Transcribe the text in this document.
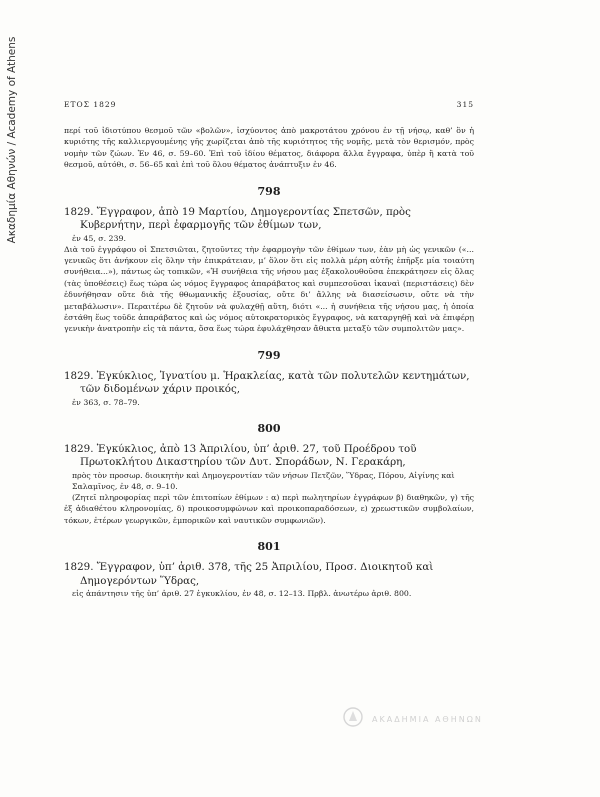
Ακαδημία Αθηνών / Academy of Athens	ΕΤΟΣ 1829	315

περί τοῦ ἰδιοτύπου θεσμοῦ τῶν «βολῶν», ἰσχύοντος ἀπὸ μακροτάτου χρόνου ἐν τῇ νήσῳ, καθ’ ὃν ἡ κυριότης τῆς καλλιεργουμένης γῆς χωρίζεται ἀπὸ τῆς κυριότητος τῆς νομῆς, μετὰ τὸν θερισμόν, πρὸς νομὴν τῶν ζώων. Ἐν 46, σ. 59–60. Ἐπὶ τοῦ ἰδίου θέματος, διάφορα ἄλλα ἔγγραφα, ὑπὲρ ἢ κατὰ τοῦ θεσμοῦ, αὐτόθι, σ. 56–65 καὶ ἐπὶ τοῦ ὅλου θέματος ἀνάπτυξιν ἐν 46.

798

1829. Ἔγγραφον, ἀπὸ 19 Μαρτίου, Δημογεροντίας Σπετσῶν, πρὸς Κυβερνήτην, περὶ ἐφαρμογῆς τῶν ἐθίμων των,

ἐν 45, σ. 239.

Διὰ τοῦ ἐγγράφου οἱ Σπετσιῶται, ζητοῦντες τὴν ἐφαρμογὴν τῶν ἐθίμων των, ἐὰν μὴ ὡς γενικῶν («... γενικῶς ὅτι ἀνήκουν εἰς ὅλην τὴν ἐπικράτειαν, μ’ ὅλον ὅτι εἰς πολλὰ μέρη αὐτῆς ἐπῆρξε μία τοιαύτη συνήθεια...»), πάντως ὡς τοπικῶν, «Ἡ συνήθεια τῆς νήσου μας ἐξακολουθοῦσα ἐπεκράτησεν εἰς ὅλας (τὰς ὑποθέσεις) ἕως τώρα ὡς νόμος ἔγγραφος ἀπαράβατος καὶ συμπεσοῦσαι ἱκαναὶ (περιστάσεις) δὲν ἐδυνήθησαν οὔτε διὰ τῆς θθωμανικῆς ἐξουσίας, οὔτε δι’ ἄλλης νὰ διασείσωσιν, οὔτε νὰ τὴν μεταβάλωσιν». Περαιτέρω δὲ ζητοῦν νὰ φυλαχθῇ αὕτη, διότι «... ἡ συνήθεια τῆς νήσου μας, ἡ ὁποία ἐστάθη ἕως τοῦδε ἀπαράβατος καὶ ὡς νόμος αὐτοκρατορικὸς ἔγγραφος, νὰ καταργηθῇ καὶ νὰ ἐπιφέρῃ γενικὴν ἀνατροπὴν εἰς τὰ πάντα, ὅσα ἕως τώρα ἐφυλάχθησαν ἄθικτα μεταξὺ τῶν συμπολιτῶν μας».

799

1829. Ἐγκύκλιος, Ἰγνατίου μ. Ἡρακλείας, κατὰ τῶν πολυτελῶν κεντημάτων, τῶν διδομένων χάριν προικός,

ἐν 363, σ. 78–79.

800

1829. Ἐγκύκλιος, ἀπὸ 13 Ἀπριλίου, ὑπ’ ἀριθ. 27, τοῦ Προέδρου τοῦ Πρωτοκλήτου Δικαστηρίου τῶν Δυτ. Σποράδων, Ν. Γερακάρη,

πρὸς τὸν προσωρ. διοικητὴν καὶ Δημογεροντίαν τῶν νήσων Πετζῶν, Ὕδρας, Πόρου, Αἰγίνης καὶ Σαλαμῖνος, ἐν 48, σ. 9–10.

(Ζητεῖ πληροφορίας περὶ τῶν ἐπιτοπίων ἐθίμων : α) περὶ πωλητηρίων ἐγγράφων β) διαθηκῶν, γ) τῆς ἐξ ἀδιαθέτου κληρονομίας, δ) προικοσυμφώνων καὶ προικοπαραδόσεων, ε) χρεωστικῶν συμβολαίων, τόκων, ἑτέρων γεωργικῶν, ἐμπορικῶν καὶ ναυτικῶν συμφωνιῶν).

801

1829. Ἔγγραφον, ὑπ’ ἀριθ. 378, τῆς 25 Ἀπριλίου, Προσ. Διοικητοῦ καὶ Δημογερόντων Ὕδρας,

εἰς ἀπάντησιν τῆς ὑπ’ ἀριθ. 27 ἐγκυκλίου, ἐν 48, σ. 12–13. Πρβλ. ἀνωτέρω ἀριθ. 800.

ΑΚΑΔΗΜΙΑ ΑΘΗΝΩΝ
